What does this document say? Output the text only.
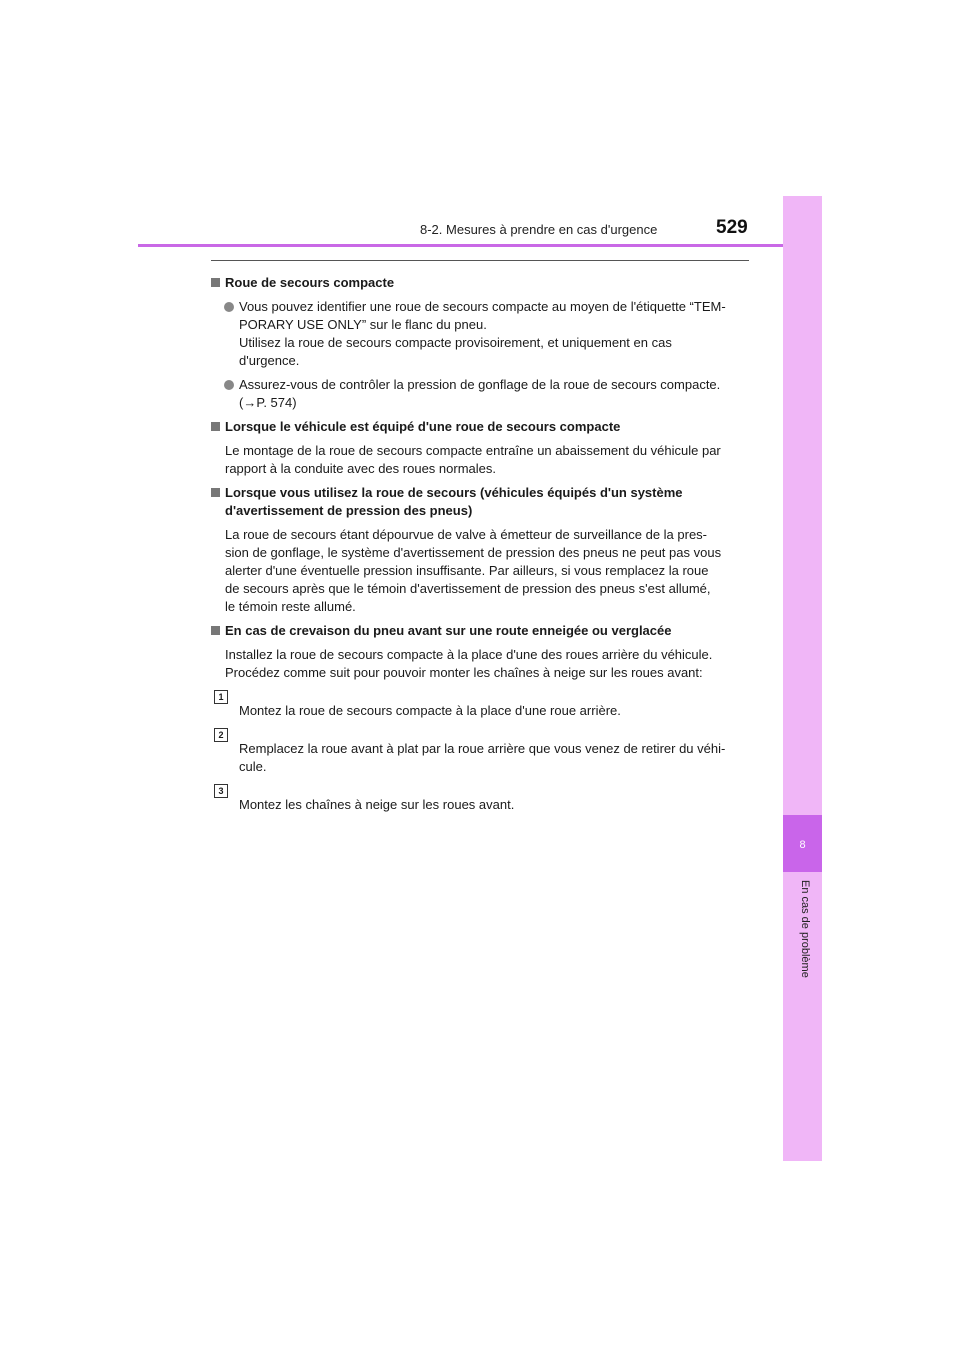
8-2. Mesures à prendre en cas d'urgence	529
8
En cas de problème
Roue de secours compacte
Vous pouvez identifier une roue de secours compacte au moyen de l'étiquette “TEM-
PORARY USE ONLY” sur le flanc du pneu.
Utilisez la roue de secours compacte provisoirement, et uniquement en cas
d'urgence.
Assurez-vous de contrôler la pression de gonflage de la roue de secours compacte.
(→P. 574)
Lorsque le véhicule est équipé d'une roue de secours compacte
Le montage de la roue de secours compacte entraîne un abaissement du véhicule par
rapport à la conduite avec des roues normales.
Lorsque vous utilisez la roue de secours (véhicules équipés d'un système
d'avertissement de pression des pneus)
La roue de secours étant dépourvue de valve à émetteur de surveillance de la pres-
sion de gonflage, le système d'avertissement de pression des pneus ne peut pas vous
alerter d'une éventuelle pression insuffisante. Par ailleurs, si vous remplacez la roue
de secours après que le témoin d'avertissement de pression des pneus s'est allumé,
le témoin reste allumé.
En cas de crevaison du pneu avant sur une route enneigée ou verglacée
Installez la roue de secours compacte à la place d'une des roues arrière du véhicule.
Procédez comme suit pour pouvoir monter les chaînes à neige sur les roues avant:
1
Montez la roue de secours compacte à la place d'une roue arrière.
2
Remplacez la roue avant à plat par la roue arrière que vous venez de retirer du véhi-
cule.
3
Montez les chaînes à neige sur les roues avant.
